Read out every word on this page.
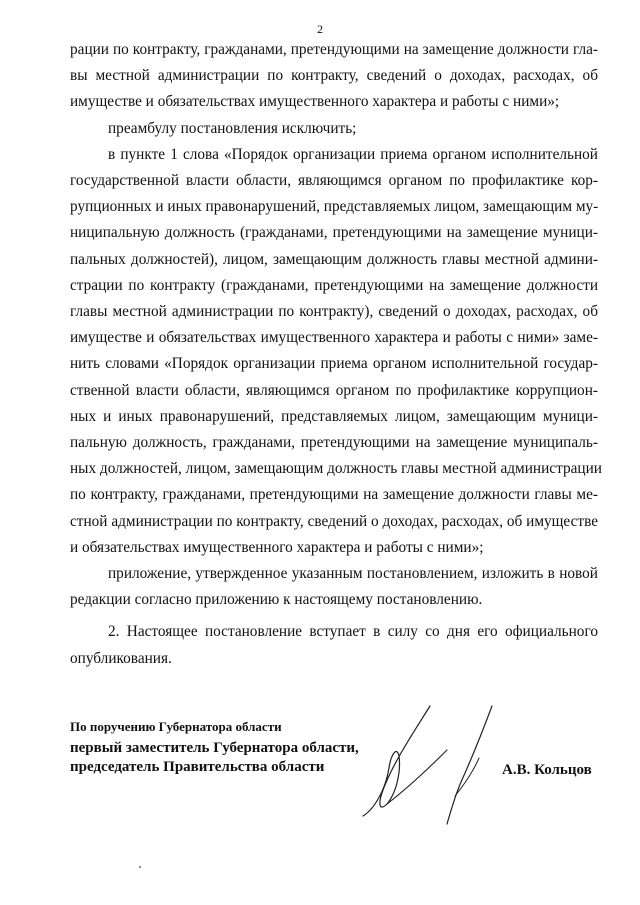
2
рации по контракту, гражданами, претендующими на замещение должности гла-
вы местной администрации по контракту, сведений о доходах, расходах, об
имуществе и обязательствах имущественного характера и работы с ними»;
преамбулу постановления исключить;
в пункте 1 слова «Порядок организации приема органом исполнительной
государственной власти области, являющимся органом по профилактике кор-
рупционных и иных правонарушений, представляемых лицом, замещающим му-
ниципальную должность (гражданами, претендующими на замещение муници-
пальных должностей), лицом, замещающим должность главы местной админи-
страции по контракту (гражданами, претендующими на замещение должности
главы местной администрации по контракту), сведений о доходах, расходах, об
имуществе и обязательствах имущественного характера и работы с ними» заме-
нить словами «Порядок организации приема органом исполнительной государ-
ственной власти области, являющимся органом по профилактике коррупцион-
ных и иных правонарушений, представляемых лицом, замещающим муници-
пальную должность, гражданами, претендующими на замещение муниципаль-
ных должностей, лицом, замещающим должность главы местной администрации
по контракту, гражданами, претендующими на замещение должности главы ме-
стной администрации по контракту, сведений о доходах, расходах, об имуществе
и обязательствах имущественного характера и работы с ними»;
приложение, утвержденное указанным постановлением, изложить в новой
редакции согласно приложению к настоящему постановлению.
2. Настоящее постановление вступает в силу со дня его официального
опубликования.
По поручению Губернатора области
первый заместитель Губернатора области,
председатель Правительства области	А.В. Кольцов
